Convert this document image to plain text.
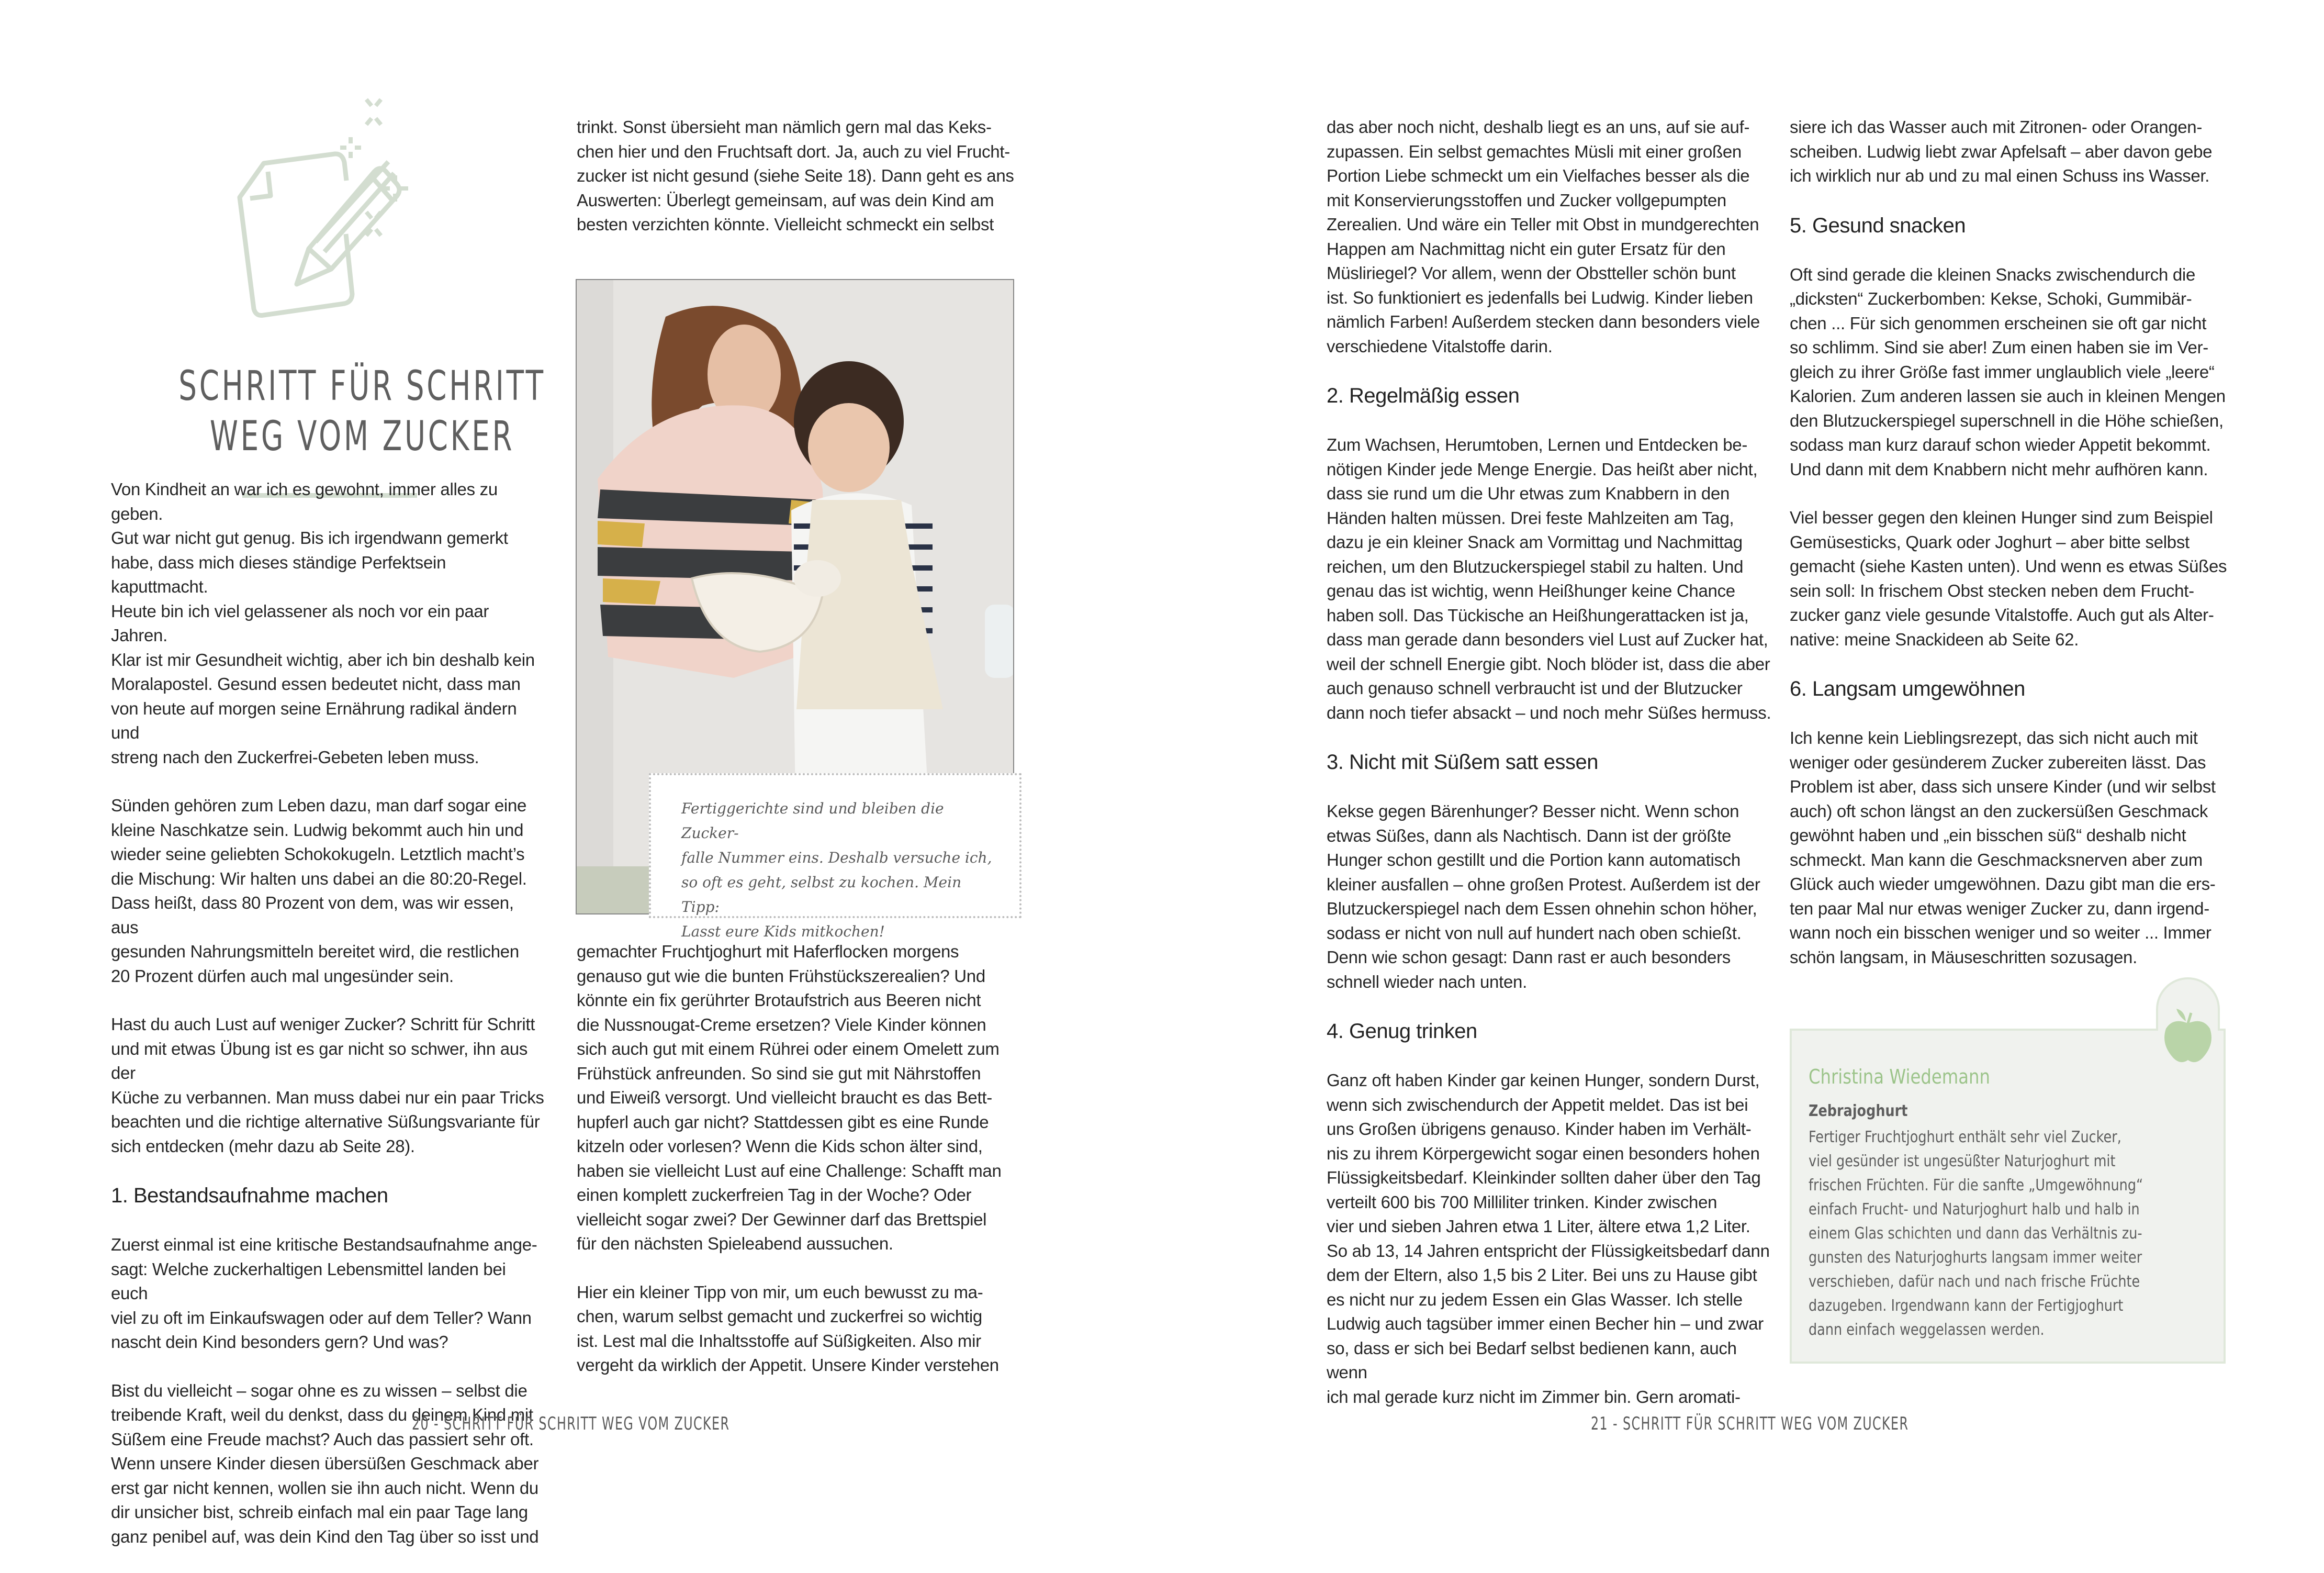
SCHRITT FÜR SCHRITT
WEG VOM ZUCKER

Von Kindheit an war ich es gewohnt, immer alles zu geben.
Gut war nicht gut genug. Bis ich irgendwann gemerkt
habe, dass mich dieses ständige Perfektsein kaputtmacht.
Heute bin ich viel gelassener als noch vor ein paar Jahren.
Klar ist mir Gesundheit wichtig, aber ich bin deshalb kein
Moralapostel. Gesund essen bedeutet nicht, dass man
von heute auf morgen seine Ernährung radikal ändern und
streng nach den Zuckerfrei-Gebeten leben muss.

Sünden gehören zum Leben dazu, man darf sogar eine
kleine Naschkatze sein. Ludwig bekommt auch hin und
wieder seine geliebten Schokokugeln. Letztlich macht’s
die Mischung: Wir halten uns dabei an die 80:20-Regel.
Dass heißt, dass 80 Prozent von dem, was wir essen, aus
gesunden Nahrungsmitteln bereitet wird, die restlichen
20 Prozent dürfen auch mal ungesünder sein.

Hast du auch Lust auf weniger Zucker? Schritt für Schritt
und mit etwas Übung ist es gar nicht so schwer, ihn aus der
Küche zu verbannen. Man muss dabei nur ein paar Tricks
beachten und die richtige alternative Süßungsvariante für
sich entdecken (mehr dazu ab Seite 28).

1. Bestandsaufnahme machen

Zuerst einmal ist eine kritische Bestandsaufnahme ange-
sagt: Welche zuckerhaltigen Lebensmittel landen bei euch
viel zu oft im Einkaufswagen oder auf dem Teller? Wann
nascht dein Kind besonders gern? Und was?

Bist du vielleicht – sogar ohne es zu wissen – selbst die
treibende Kraft, weil du denkst, dass du deinem Kind mit
Süßem eine Freude machst? Auch das passiert sehr oft.
Wenn unsere Kinder diesen übersüßen Geschmack aber
erst gar nicht kennen, wollen sie ihn auch nicht. Wenn du
dir unsicher bist, schreib einfach mal ein paar Tage lang
ganz penibel auf, was dein Kind den Tag über so isst und

trinkt. Sonst übersieht man nämlich gern mal das Keks-
chen hier und den Fruchtsaft dort. Ja, auch zu viel Frucht-
zucker ist nicht gesund (siehe Seite 18). Dann geht es ans
Auswerten: Überlegt gemeinsam, auf was dein Kind am
besten verzichten könnte. Vielleicht schmeckt ein selbst

Fertiggerichte sind und bleiben die Zucker-
falle Nummer eins. Deshalb versuche ich,
so oft es geht, selbst zu kochen. Mein Tipp:
Lasst eure Kids mitkochen!

gemachter Fruchtjoghurt mit Haferflocken morgens
genauso gut wie die bunten Frühstückszerealien? Und
könnte ein fix gerührter Brotaufstrich aus Beeren nicht
die Nussnougat-Creme ersetzen? Viele Kinder können
sich auch gut mit einem Rührei oder einem Omelett zum
Frühstück anfreunden. So sind sie gut mit Nährstoffen
und Eiweiß versorgt. Und vielleicht braucht es das Bett-
hupferl auch gar nicht? Stattdessen gibt es eine Runde
kitzeln oder vorlesen? Wenn die Kids schon älter sind,
haben sie vielleicht Lust auf eine Challenge: Schafft man
einen komplett zuckerfreien Tag in der Woche? Oder
vielleicht sogar zwei? Der Gewinner darf das Brettspiel
für den nächsten Spieleabend aussuchen.

Hier ein kleiner Tipp von mir, um euch bewusst zu ma-
chen, warum selbst gemacht und zuckerfrei so wichtig
ist. Lest mal die Inhaltsstoffe auf Süßigkeiten. Also mir
vergeht da wirklich der Appetit. Unsere Kinder verstehen

20 - SCHRITT FÜR SCHRITT WEG VOM ZUCKER

das aber noch nicht, deshalb liegt es an uns, auf sie auf-
zupassen. Ein selbst gemachtes Müsli mit einer großen
Portion Liebe schmeckt um ein Vielfaches besser als die
mit Konservierungsstoffen und Zucker vollgepumpten
Zerealien. Und wäre ein Teller mit Obst in mundgerechten
Happen am Nachmittag nicht ein guter Ersatz für den
Müsliriegel? Vor allem, wenn der Obstteller schön bunt
ist. So funktioniert es jedenfalls bei Ludwig. Kinder lieben
nämlich Farben! Außerdem stecken dann besonders viele
verschiedene Vitalstoffe darin.

2. Regelmäßig essen

Zum Wachsen, Herumtoben, Lernen und Entdecken be-
nötigen Kinder jede Menge Energie. Das heißt aber nicht,
dass sie rund um die Uhr etwas zum Knabbern in den
Händen halten müssen. Drei feste Mahlzeiten am Tag,
dazu je ein kleiner Snack am Vormittag und Nachmittag
reichen, um den Blutzuckerspiegel stabil zu halten. Und
genau das ist wichtig, wenn Heißhunger keine Chance
haben soll. Das Tückische an Heißhungerattacken ist ja,
dass man gerade dann besonders viel Lust auf Zucker hat,
weil der schnell Energie gibt. Noch blöder ist, dass die aber
auch genauso schnell verbraucht ist und der Blutzucker
dann noch tiefer absackt – und noch mehr Süßes hermuss.

3. Nicht mit Süßem satt essen

Kekse gegen Bärenhunger? Besser nicht. Wenn schon
etwas Süßes, dann als Nachtisch. Dann ist der größte
Hunger schon gestillt und die Portion kann automatisch
kleiner ausfallen – ohne großen Protest. Außerdem ist der
Blutzuckerspiegel nach dem Essen ohnehin schon höher,
sodass er nicht von null auf hundert nach oben schießt.
Denn wie schon gesagt: Dann rast er auch besonders
schnell wieder nach unten.

4. Genug trinken

Ganz oft haben Kinder gar keinen Hunger, sondern Durst,
wenn sich zwischendurch der Appetit meldet. Das ist bei
uns Großen übrigens genauso. Kinder haben im Verhält-
nis zu ihrem Körpergewicht sogar einen besonders hohen
Flüssigkeitsbedarf. Kleinkinder sollten daher über den Tag
verteilt 600 bis 700 Milliliter trinken. Kinder zwischen
vier und sieben Jahren etwa 1 Liter, ältere etwa 1,2 Liter.
So ab 13, 14 Jahren entspricht der Flüssigkeitsbedarf dann
dem der Eltern, also 1,5 bis 2 Liter. Bei uns zu Hause gibt
es nicht nur zu jedem Essen ein Glas Wasser. Ich stelle
Ludwig auch tagsüber immer einen Becher hin – und zwar
so, dass er sich bei Bedarf selbst bedienen kann, auch wenn
ich mal gerade kurz nicht im Zimmer bin. Gern aromati-

siere ich das Wasser auch mit Zitronen- oder Orangen-
scheiben. Ludwig liebt zwar Apfelsaft – aber davon gebe
ich wirklich nur ab und zu mal einen Schuss ins Wasser.

5. Gesund snacken

Oft sind gerade die kleinen Snacks zwischendurch die
„dicksten“ Zuckerbomben: Kekse, Schoki, Gummibär-
chen ... Für sich genommen erscheinen sie oft gar nicht
so schlimm. Sind sie aber! Zum einen haben sie im Ver-
gleich zu ihrer Größe fast immer unglaublich viele „leere“
Kalorien. Zum anderen lassen sie auch in kleinen Mengen
den Blutzuckerspiegel superschnell in die Höhe schießen,
sodass man kurz darauf schon wieder Appetit bekommt.
Und dann mit dem Knabbern nicht mehr aufhören kann.

Viel besser gegen den kleinen Hunger sind zum Beispiel
Gemüsesticks, Quark oder Joghurt – aber bitte selbst
gemacht (siehe Kasten unten). Und wenn es etwas Süßes
sein soll: In frischem Obst stecken neben dem Frucht-
zucker ganz viele gesunde Vitalstoffe. Auch gut als Alter-
native: meine Snackideen ab Seite 62.

6. Langsam umgewöhnen

Ich kenne kein Lieblingsrezept, das sich nicht auch mit
weniger oder gesünderem Zucker zubereiten lässt. Das
Problem ist aber, dass sich unsere Kinder (und wir selbst
auch) oft schon längst an den zuckersüßen Geschmack
gewöhnt haben und „ein bisschen süß“ deshalb nicht
schmeckt. Man kann die Geschmacksnerven aber zum
Glück auch wieder umgewöhnen. Dazu gibt man die ers-
ten paar Mal nur etwas weniger Zucker zu, dann irgend-
wann noch ein bisschen weniger und so weiter ... Immer
schön langsam, in Mäuseschritten sozusagen.

Christina Wiedemann
Zebrajoghurt
Fertiger Fruchtjoghurt enthält sehr viel Zucker,
viel gesünder ist ungesüßter Naturjoghurt mit
frischen Früchten. Für die sanfte „Umgewöhnung“
einfach Frucht- und Naturjoghurt halb und halb in
einem Glas schichten und dann das Verhältnis zu-
gunsten des Naturjoghurts langsam immer weiter
verschieben, dafür nach und nach frische Früchte
dazugeben. Irgendwann kann der Fertigjoghurt
dann einfach weggelassen werden.
21 - SCHRITT FÜR SCHRITT WEG VOM ZUCKER
